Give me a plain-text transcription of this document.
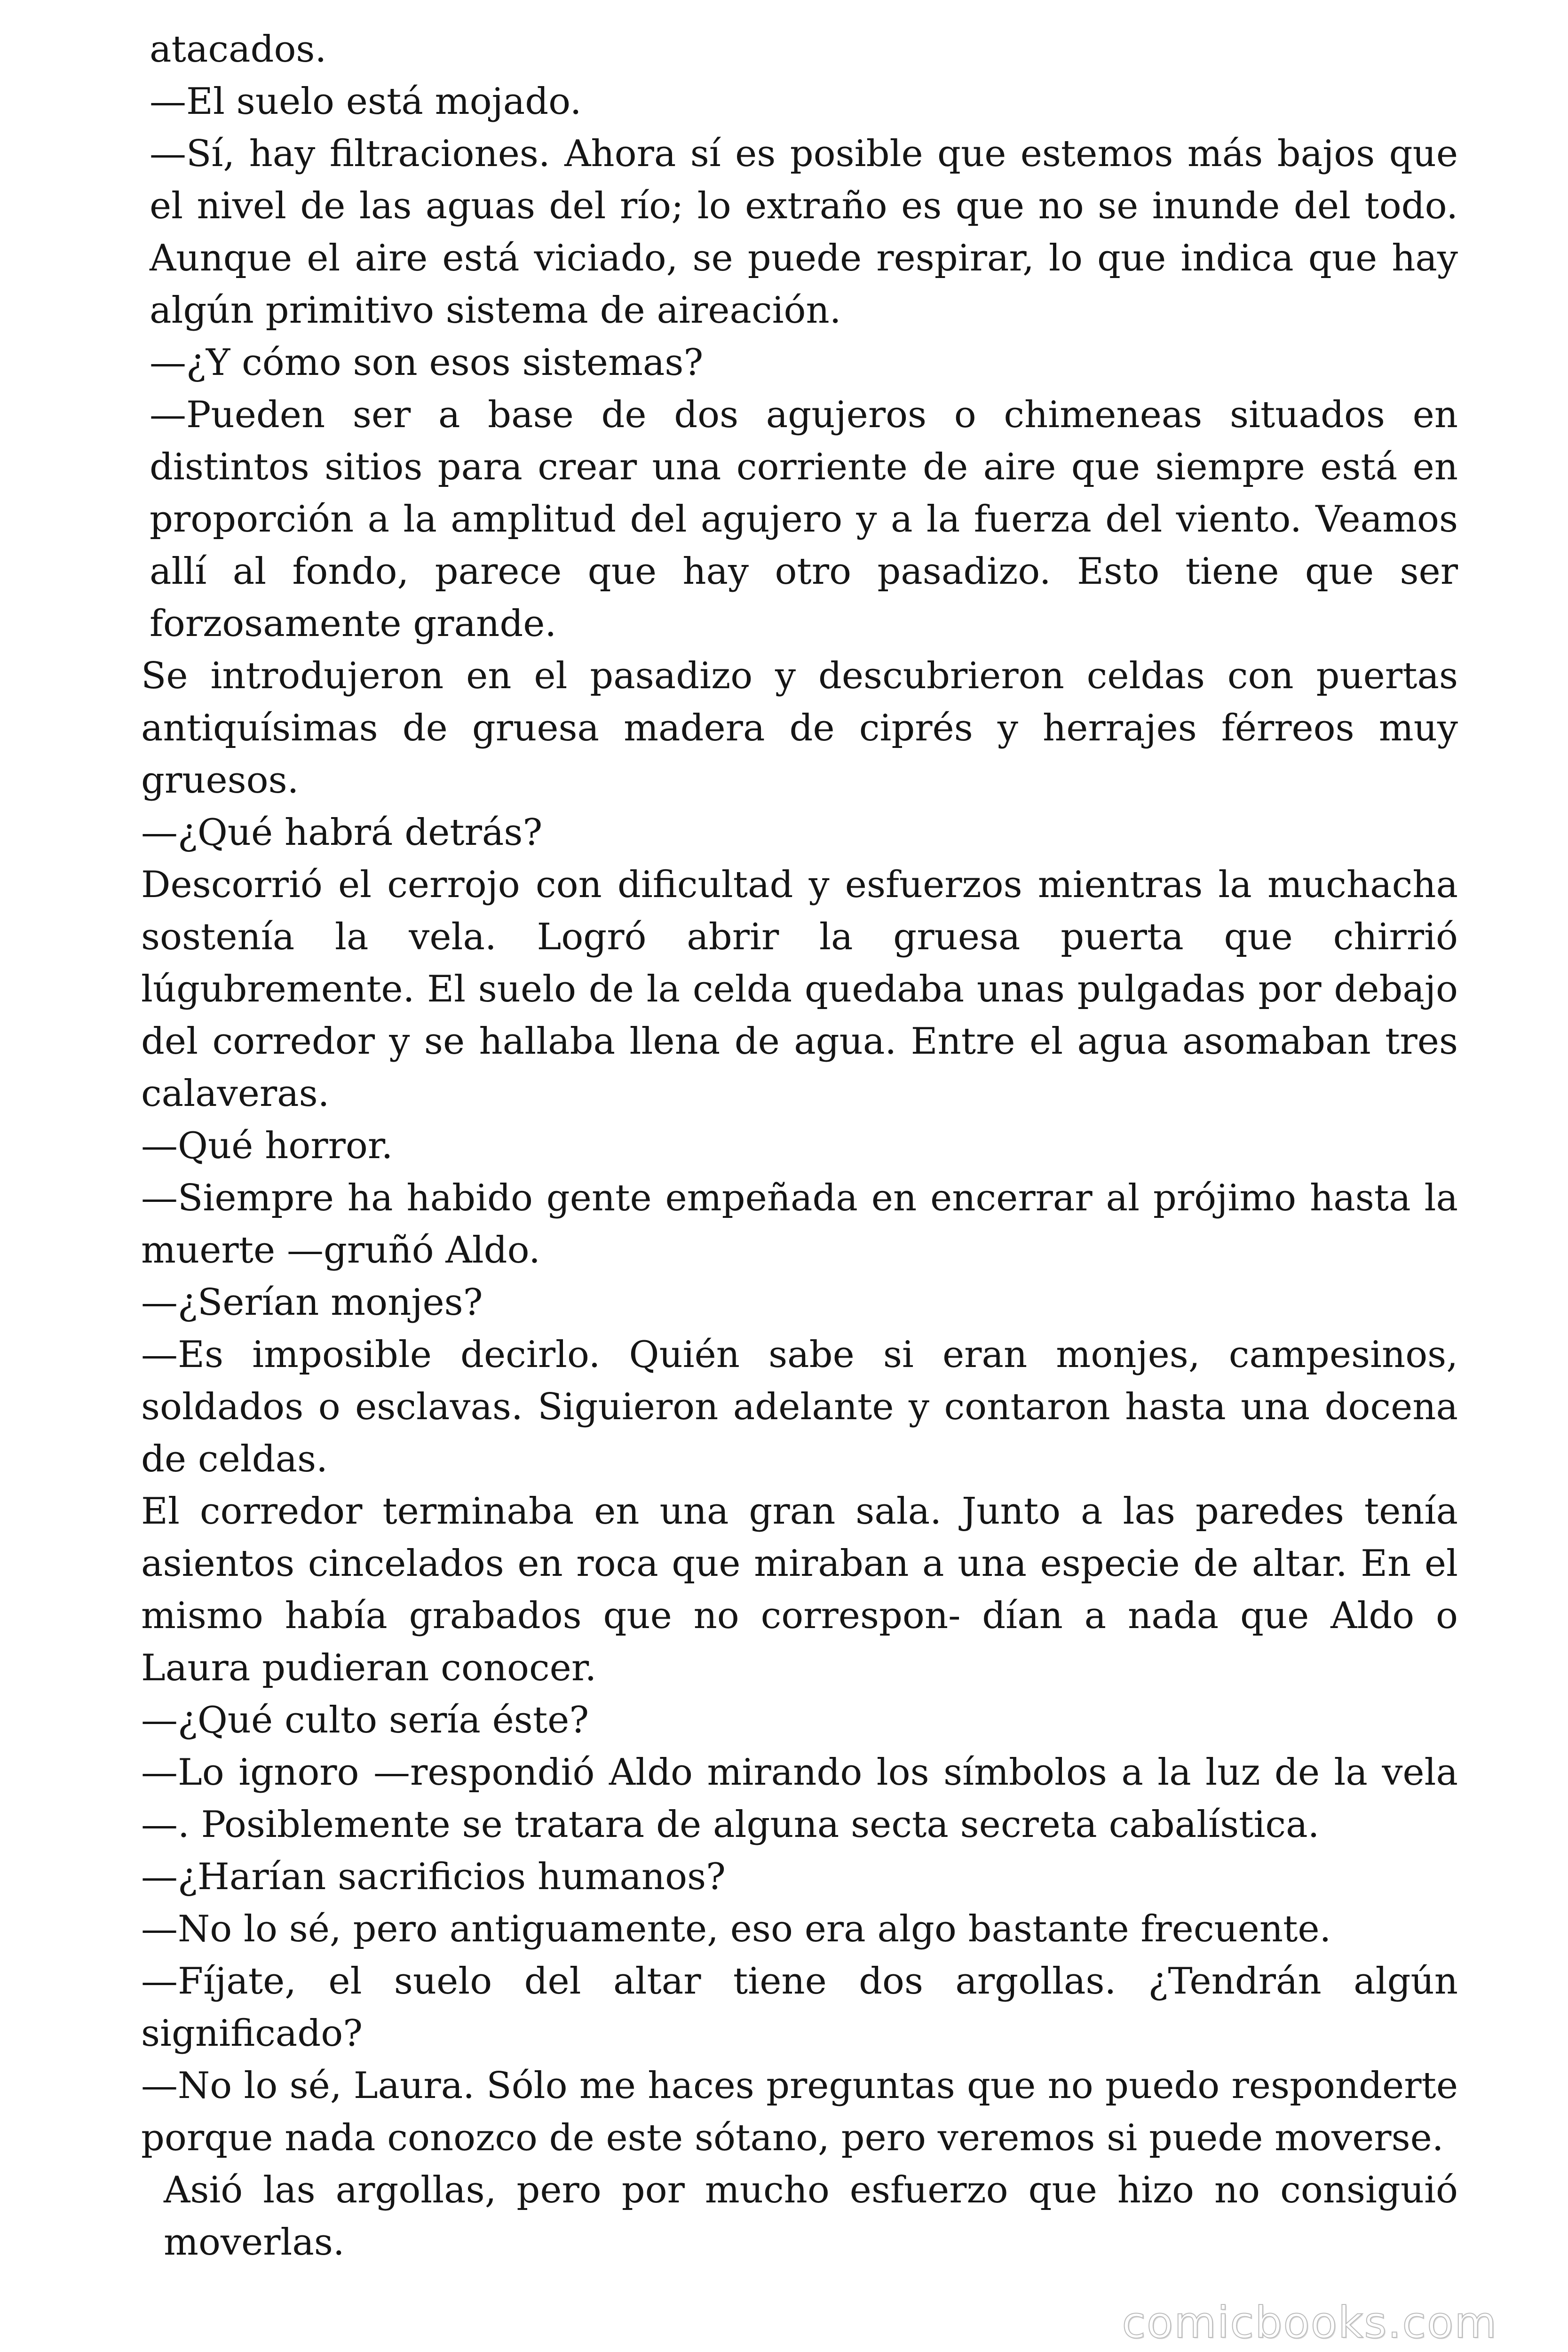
atacados.

—El suelo está mojado.

—Sí, hay filtraciones. Ahora sí es posible que estemos más bajos que el nivel de las aguas del río; lo extraño es que no se inunde del todo. Aunque el aire está viciado, se puede respirar, lo que indica que hay algún primitivo sistema de aireación.

—¿Y cómo son esos sistemas?

—Pueden ser a base de dos agujeros o chimeneas situados en distintos sitios para crear una corriente de aire que siempre está en proporción a la amplitud del agujero y a la fuerza del viento. Veamos allí al fondo, parece que hay otro pasadizo. Esto tiene que ser forzosamente grande.

Se introdujeron en el pasadizo y descubrieron celdas con puertas antiquísimas de gruesa madera de ciprés y herrajes férreos muy gruesos.

—¿Qué habrá detrás?

Descorrió el cerrojo con dificultad y esfuerzos mientras la muchacha sostenía la vela. Logró abrir la gruesa puerta que chirrió lúgubremente. El suelo de la celda quedaba unas pulgadas por debajo del corredor y se hallaba llena de agua. Entre el agua asomaban tres calaveras.

—Qué horror.

—Siempre ha habido gente empeñada en encerrar al prójimo hasta la muerte —gruñó Aldo.

—¿Serían monjes?

—Es imposible decirlo. Quién sabe si eran monjes, campesinos, soldados o esclavas. Siguieron adelante y contaron hasta una docena de celdas.

El corredor terminaba en una gran sala. Junto a las paredes tenía asientos cincelados en roca que miraban a una especie de altar. En el mismo había grabados que no correspon- dían a nada que Aldo o Laura pudieran conocer.

—¿Qué culto sería éste?

—Lo ignoro —respondió Aldo mirando los símbolos a la luz de la vela—. Posiblemente se tratara de alguna secta secreta cabalística.

—¿Harían sacrificios humanos?

—No lo sé, pero antiguamente, eso era algo bastante frecuente.

—Fíjate, el suelo del altar tiene dos argollas. ¿Tendrán algún significado?

—No lo sé, Laura. Sólo me haces preguntas que no puedo responderte porque nada conozco de este sótano, pero veremos si puede moverse.

Asió las argollas, pero por mucho esfuerzo que hizo no consiguió moverlas.

comicbooks.com
